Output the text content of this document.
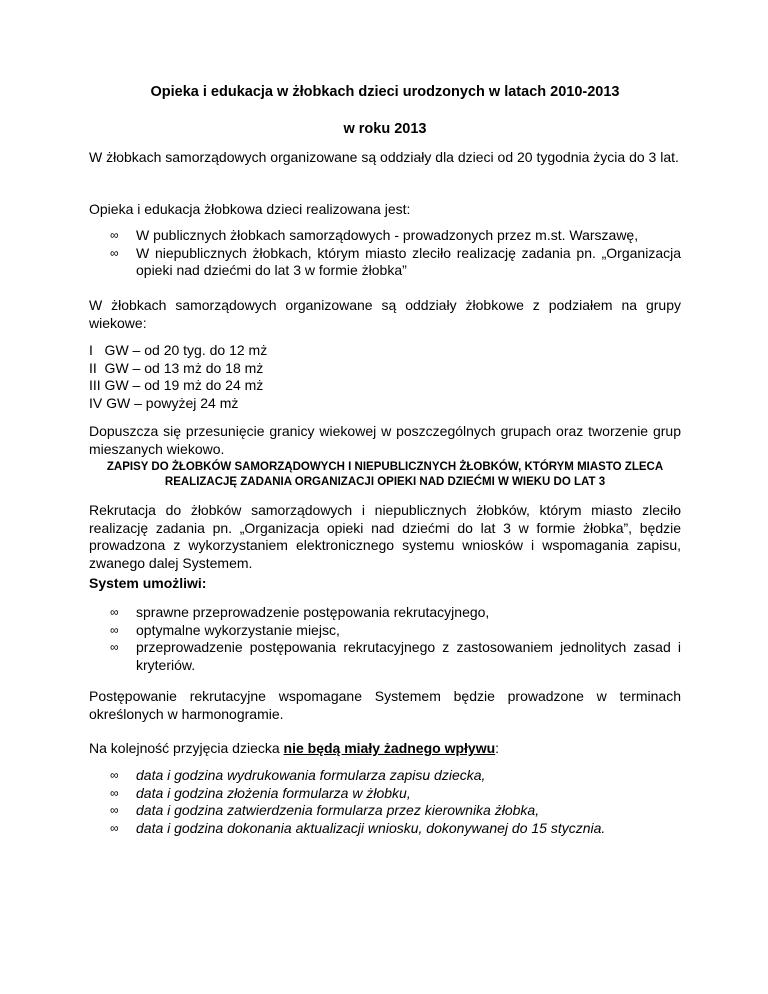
Opieka i edukacja w żłobkach dzieci urodzonych w latach 2010-2013
w roku 2013

W żłobkach samorządowych organizowane są oddziały dla dzieci od 20 tygodnia życia do 3 lat.

Opieka i edukacja żłobkowa dzieci realizowana jest:

∞ W publicznych żłobkach samorządowych - prowadzonych przez m.st. Warszawę,
∞ W niepublicznych żłobkach, którym miasto zleciło realizację zadania pn. „Organizacja opieki nad dziećmi do lat 3 w formie żłobka”

W żłobkach samorządowych organizowane są oddziały żłobkowe z podziałem na grupy wiekowe:

I   GW – od 20 tyg. do 12 mż
II  GW – od 13 mż do 18 mż
III GW – od 19 mż do 24 mż
IV GW – powyżej 24 mż

Dopuszcza się przesunięcie granicy wiekowej w poszczególnych grupach oraz tworzenie grup mieszanych wiekowo.

ZAPISY DO ŻŁOBKÓW SAMORZĄDOWYCH I NIEPUBLICZNYCH ŻŁOBKÓW, KTÓRYM MIASTO ZLECA REALIZACJĘ ZADANIA ORGANIZACJI OPIEKI NAD DZIEĆMI W WIEKU DO LAT 3

Rekrutacja do żłobków samorządowych i niepublicznych żłobków, którym miasto zleciło realizację zadania pn. „Organizacja opieki nad dziećmi do lat 3 w formie żłobka”, będzie prowadzona z wykorzystaniem elektronicznego systemu wniosków i wspomagania zapisu, zwanego dalej Systemem.

System umożliwi:

∞ sprawne przeprowadzenie postępowania rekrutacyjnego,
∞ optymalne wykorzystanie miejsc,
∞ przeprowadzenie postępowania rekrutacyjnego z zastosowaniem jednolitych zasad i kryteriów.

Postępowanie rekrutacyjne wspomagane Systemem będzie prowadzone w terminach określonych w harmonogramie.

Na kolejność przyjęcia dziecka nie będą miały żadnego wpływu:

∞ data i godzina wydrukowania formularza zapisu dziecka,
∞ data i godzina złożenia formularza w żłobku,
∞ data i godzina zatwierdzenia formularza przez kierownika żłobka,
∞ data i godzina dokonania aktualizacji wniosku, dokonywanej do 15 stycznia.
